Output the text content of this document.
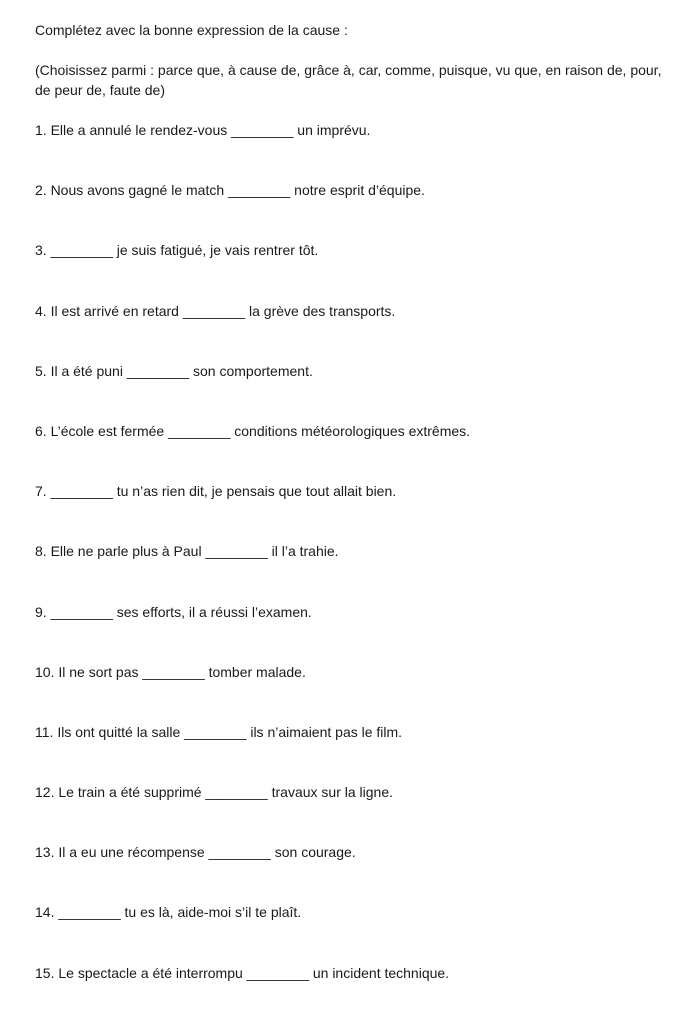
Complétez avec la bonne expression de la cause :

(Choisissez parmi : parce que, à cause de, grâce à, car, comme, puisque, vu que, en raison de, pour, de peur de, faute de)

1. Elle a annulé le rendez-vous ________ un imprévu.
2. Nous avons gagné le match ________ notre esprit d’équipe.
3. ________ je suis fatigué, je vais rentrer tôt.
4. Il est arrivé en retard ________ la grève des transports.
5. Il a été puni ________ son comportement.
6. L’école est fermée ________ conditions météorologiques extrêmes.
7. ________ tu n’as rien dit, je pensais que tout allait bien.
8. Elle ne parle plus à Paul ________ il l’a trahie.
9. ________ ses efforts, il a réussi l’examen.
10. Il ne sort pas ________ tomber malade.
11. Ils ont quitté la salle ________ ils n’aimaient pas le film.
12. Le train a été supprimé ________ travaux sur la ligne.
13. Il a eu une récompense ________ son courage.
14. ________ tu es là, aide-moi s’il te plaît.
15. Le spectacle a été interrompu ________ un incident technique.
